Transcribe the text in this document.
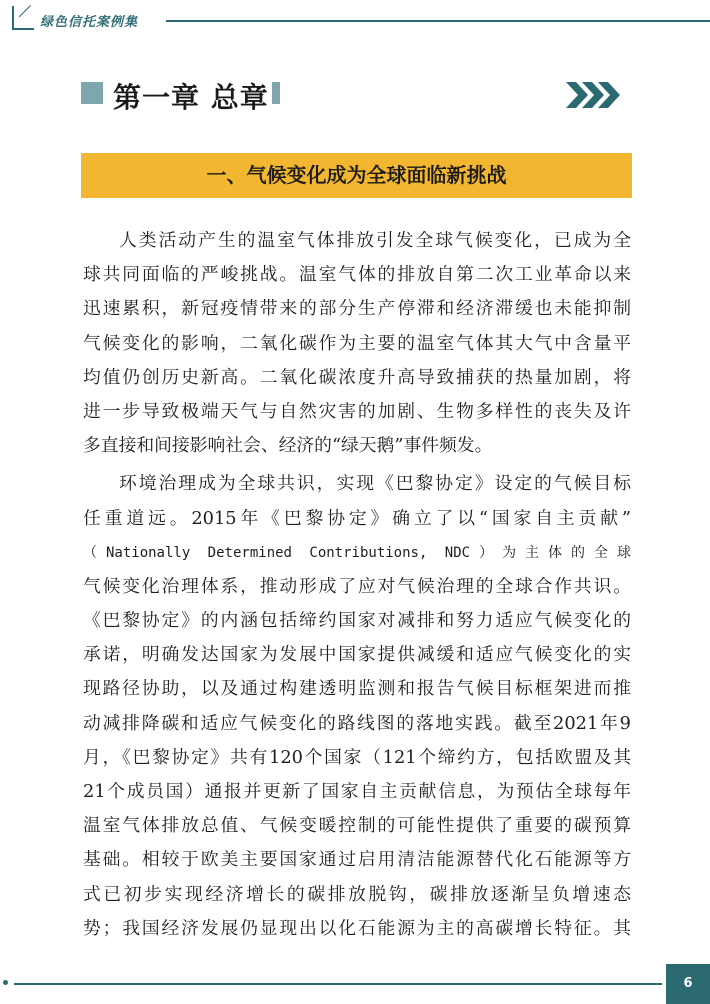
绿色信托案例集
第一章 总章
一、气候变化成为全球面临新挑战
人类活动产生的温室气体排放引发全球气候变化，已成为全
球共同面临的严峻挑战。温室气体的排放自第二次工业革命以来
迅速累积，新冠疫情带来的部分生产停滞和经济滞缓也未能抑制
气候变化的影响，二氧化碳作为主要的温室气体其大气中含量平
均值仍创历史新高。二氧化碳浓度升高导致捕获的热量加剧，将
进一步导致极端天气与自然灾害的加剧、生物多样性的丧失及许
多直接和间接影响社会、经济的“绿天鹅”事件频发。
环境治理成为全球共识，实现《巴黎协定》设定的气候目标
任重道远。2015年《巴黎协定》确立了以“国家自主贡献”
（Nationally Determined Contributions, NDC）为主体的全球
气候变化治理体系，推动形成了应对气候治理的全球合作共识。
《巴黎协定》的内涵包括缔约国家对减排和努力适应气候变化的
承诺，明确发达国家为发展中国家提供减缓和适应气候变化的实
现路径协助，以及通过构建透明监测和报告气候目标框架进而推
动减排降碳和适应气候变化的路线图的落地实践。截至2021年9
月，《巴黎协定》共有120个国家（121个缔约方，包括欧盟及其
21个成员国）通报并更新了国家自主贡献信息，为预估全球每年
温室气体排放总值、气候变暖控制的可能性提供了重要的碳预算
基础。相较于欧美主要国家通过启用清洁能源替代化石能源等方
式已初步实现经济增长的碳排放脱钩，碳排放逐渐呈负增速态
势；我国经济发展仍显现出以化石能源为主的高碳增长特征。其
6
